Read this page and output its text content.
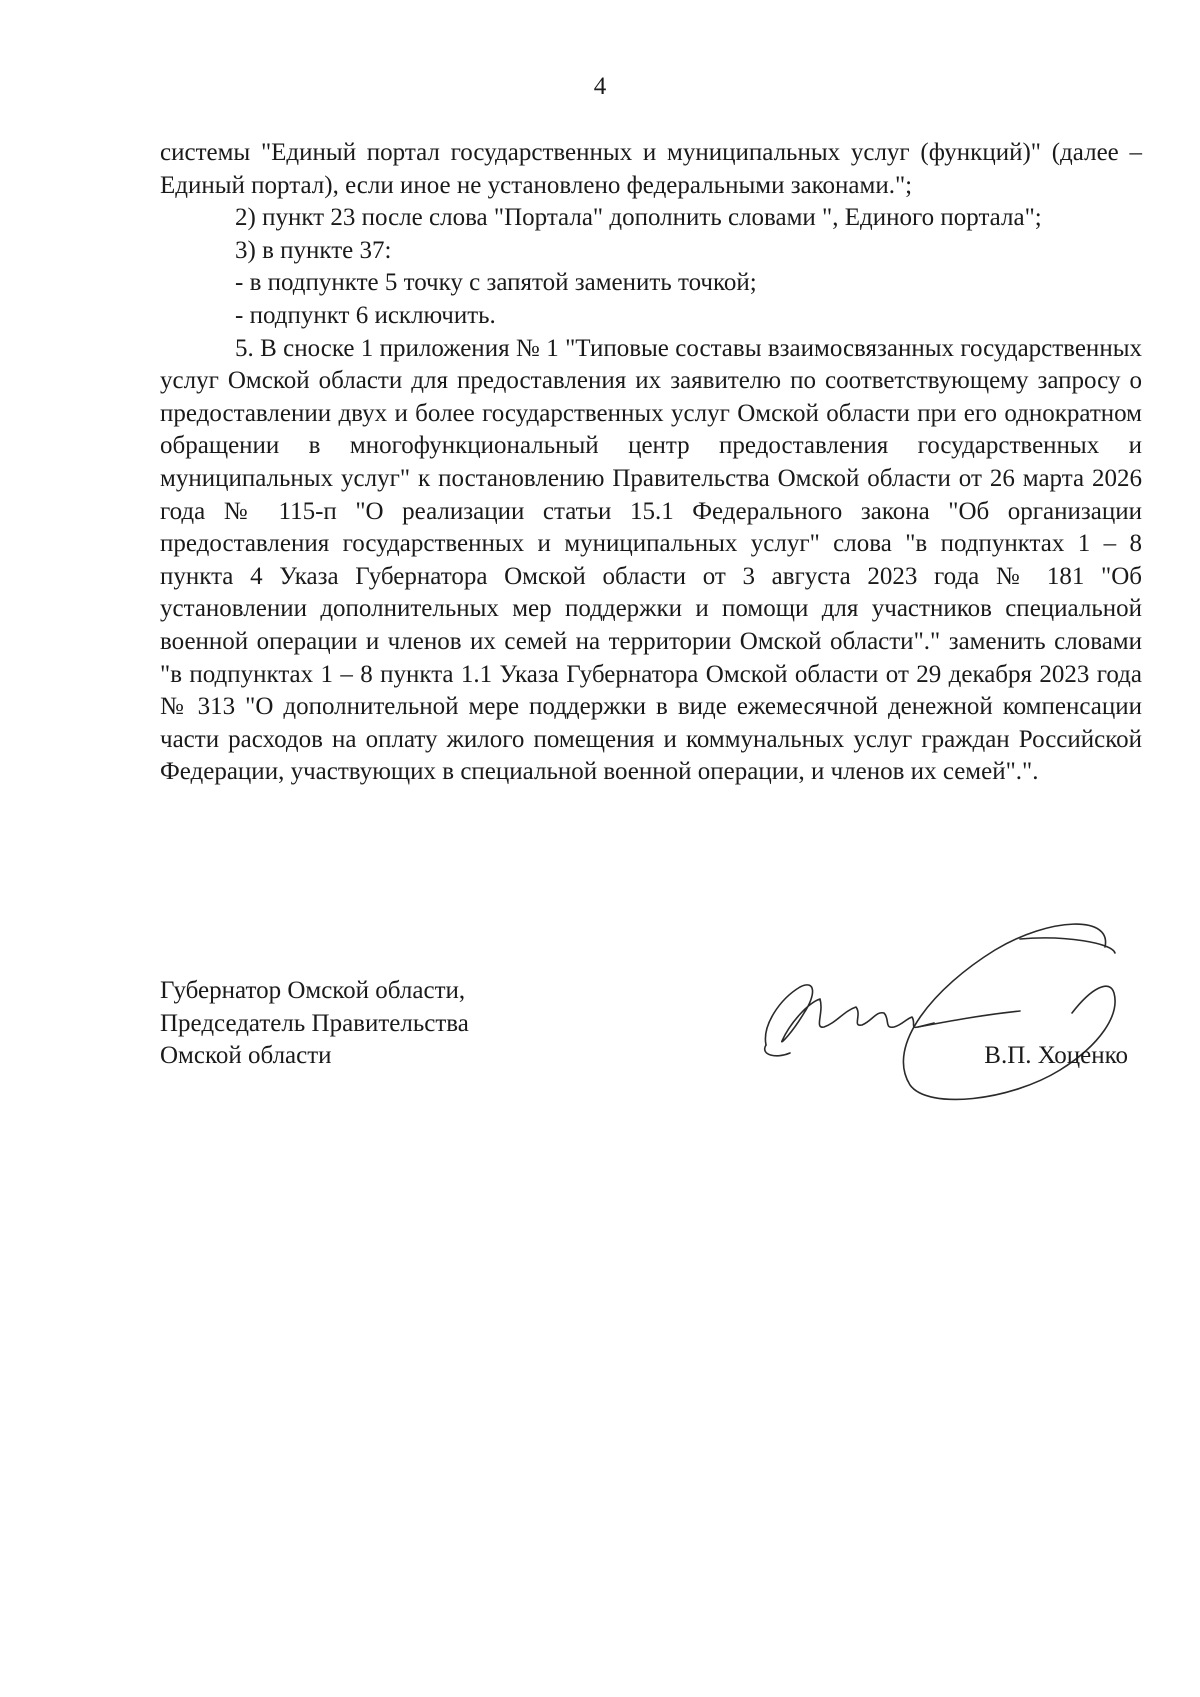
4

системы "Единый портал государственных и муниципальных услуг (функций)" (далее – Единый портал), если иное не установлено федеральными законами.";

2) пункт 23 после слова "Портала" дополнить словами ", Единого портала";

3) в пункте 37:

- в подпункте 5 точку с запятой заменить точкой;

- подпункт 6 исключить.

5. В сноске 1 приложения № 1 "Типовые составы взаимосвязанных государственных услуг Омской области для предоставления их заявителю по соответствующему запросу о предоставлении двух и более государственных услуг Омской области при его однократном обращении в многофункциональный центр предоставления государственных и муниципальных услуг" к постановлению Правительства Омской области от 26 марта 2026 года № 115-п "О реализации статьи 15.1 Федерального закона "Об организации предоставления государственных и муниципальных услуг" слова "в подпунктах 1 – 8 пункта 4 Указа Губернатора Омской области от 3 августа 2023 года № 181 "Об установлении дополнительных мер поддержки и помощи для участников специальной военной операции и членов их семей на территории Омской области"." заменить словами "в подпунктах 1 – 8 пункта 1.1 Указа Губернатора Омской области от 29 декабря 2023 года № 313 "О дополнительной мере поддержки в виде ежемесячной денежной компенсации части расходов на оплату жилого помещения и коммунальных услуг граждан Российской Федерации, участвующих в специальной военной операции, и членов их семей".".

Губернатор Омской области,

Председатель Правительства

Омской области	В.П. Хоценко
